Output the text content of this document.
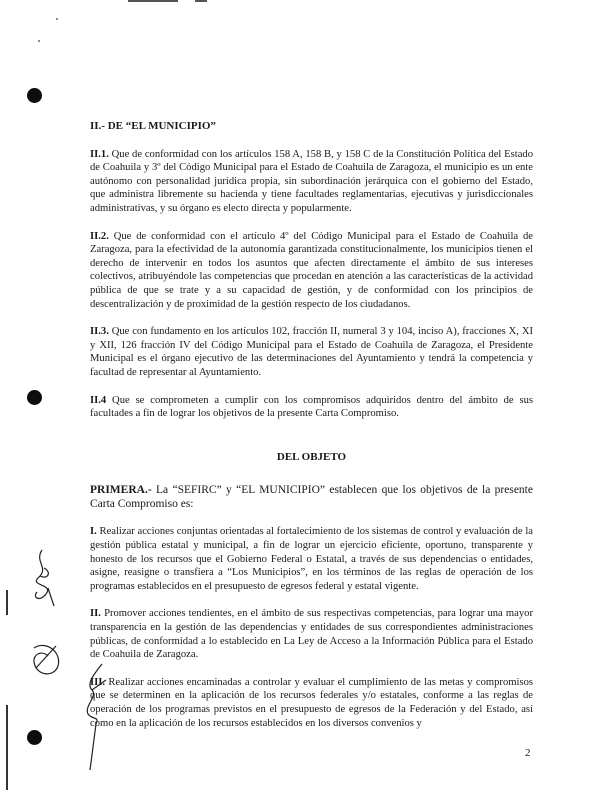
II.- DE “EL MUNICIPIO”

II.1. Que de conformidad con los artículos 158 A, 158 B, y 158 C de la Constitución Política del Estado de Coahuila y 3º del Código Municipal para el Estado de Coahuila de Zaragoza, el municipio es un ente autónomo con personalidad jurídica propia, sin subordinación jerárquica con el gobierno del Estado, que administra libremente su hacienda y tiene facultades reglamentarias, ejecutivas y jurisdiccionales administrativas, y su órgano es electo directa y popularmente.

II.2. Que de conformidad con el artículo 4º del Código Municipal para el Estado de Coahuila de Zaragoza, para la efectividad de la autonomía garantizada constitucionalmente, los municipios tienen el derecho de intervenir en todos los asuntos que afecten directamente el ámbito de sus intereses colectivos, atribuyéndole las competencias que procedan en atención a las características de la actividad pública de que se trate y a su capacidad de gestión, y de conformidad con los principios de descentralización y de proximidad de la gestión respecto de los ciudadanos.

II.3. Que con fundamento en los artículos 102, fracción II, numeral 3 y 104, inciso A), fracciones X, XI y XII, 126 fracción IV del Código Municipal para el Estado de Coahuila de Zaragoza, el Presidente Municipal es el órgano ejecutivo de las determinaciones del Ayuntamiento y tendrá la competencia y facultad de representar al Ayuntamiento.

II.4 Que se comprometen a cumplir con los compromisos adquiridos dentro del ámbito de sus facultades a fin de lograr los objetivos de la presente Carta Compromiso.

DEL OBJETO

PRIMERA.- La “SEFIRC” y “EL MUNICIPIO” establecen que los objetivos de la presente Carta Compromiso es:

I. Realizar acciones conjuntas orientadas al fortalecimiento de los sistemas de control y evaluación de la gestión pública estatal y municipal, a fin de lograr un ejercicio eficiente, oportuno, transparente y honesto de los recursos que el Gobierno Federal o Estatal, a través de sus dependencias o entidades, asigne, reasigne o transfiera a “Los Municipios”, en los términos de las reglas de operación de los programas establecidos en el presupuesto de egresos federal y estatal vigente.

II. Promover acciones tendientes, en el ámbito de sus respectivas competencias, para lograr una mayor transparencia en la gestión de las dependencias y entidades de sus correspondientes administraciones públicas, de conformidad a lo establecido en La Ley de Acceso a la Información Pública para el Estado de Coahuila de Zaragoza.

III. Realizar acciones encaminadas a controlar y evaluar el cumplimiento de las metas y compromisos que se determinen en la aplicación de los recursos federales y/o estatales, conforme a las reglas de operación de los programas previstos en el presupuesto de egresos de la Federación y del Estado, así como en la aplicación de los recursos establecidos en los diversos convenios y

2
